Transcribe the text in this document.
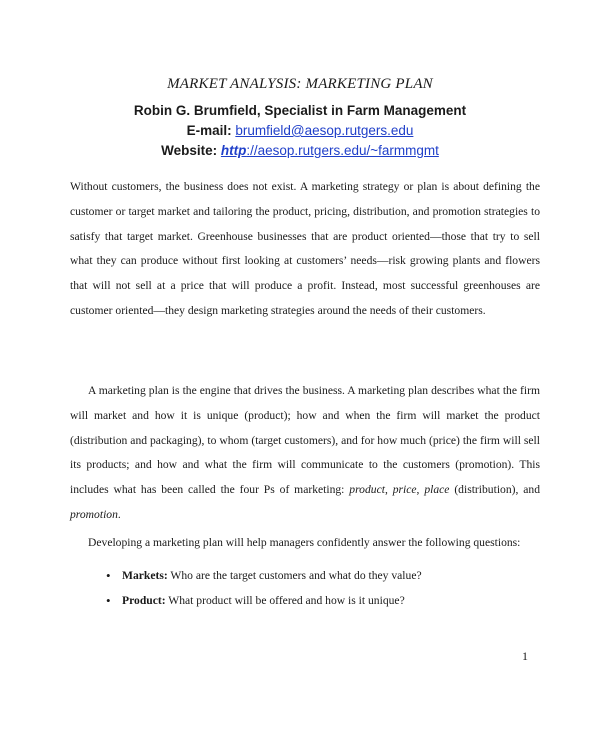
MARKET ANALYSIS: MARKETING PLAN
Robin G. Brumfield, Specialist in Farm Management
E-mail: brumfield@aesop.rutgers.edu
Website: http://aesop.rutgers.edu/~farmmgmt
Without customers, the business does not exist. A marketing strategy or plan is about defining the customer or target market and tailoring the product, pricing, distribution, and promotion strategies to satisfy that target market. Greenhouse businesses that are product oriented—those that try to sell what they can produce without first looking at customers’ needs—risk growing plants and flowers that will not sell at a price that will produce a profit. Instead, most successful greenhouses are customer oriented—they design marketing strategies around the needs of their customers.
A marketing plan is the engine that drives the business. A marketing plan describes what the firm will market and how it is unique (product); how and when the firm will market the product (distribution and packaging), to whom (target customers), and for how much (price) the firm will sell its products; and how and what the firm will communicate to the customers (promotion). This includes what has been called the four Ps of marketing: product, price, place (distribution), and promotion.
Developing a marketing plan will help managers confidently answer the following questions:
• Markets: Who are the target customers and what do they value?
• Product: What product will be offered and how is it unique?
1
